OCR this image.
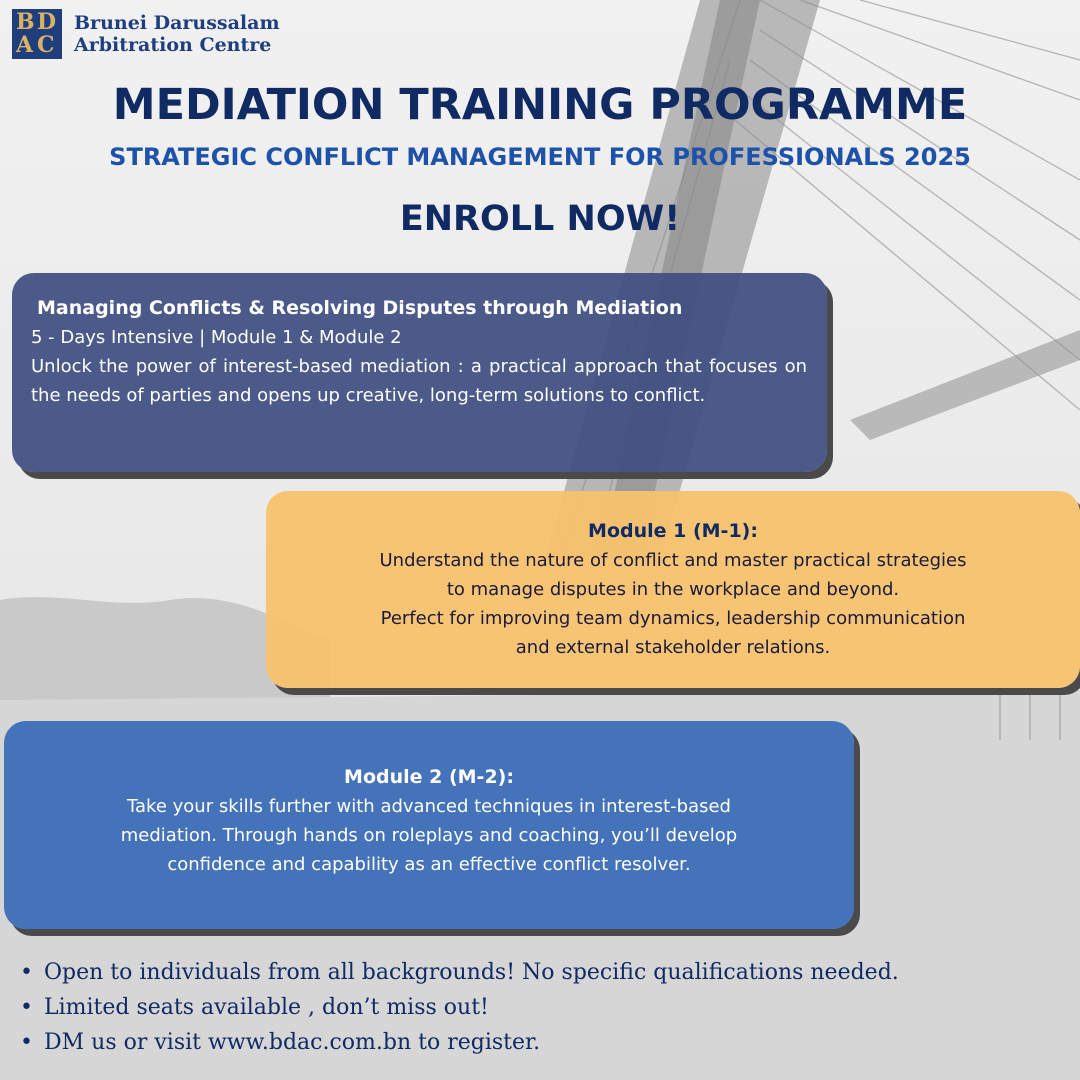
B D
A C
Brunei Darussalam
Arbitration Centre
MEDIATION TRAINING PROGRAMME
STRATEGIC CONFLICT MANAGEMENT FOR PROFESSIONALS 2025
ENROLL NOW!
Managing Conflicts & Resolving Disputes through Mediation
5 - Days Intensive | Module 1 & Module 2
Unlock the power of interest-based mediation : a practical approach that focuses on the needs of parties and opens up creative, long-term solutions to conflict.
Module 1 (M-1):
Understand the nature of conflict and master practical strategies
to manage disputes in the workplace and beyond.
Perfect for improving team dynamics, leadership communication
and external stakeholder relations.
Module 2 (M-2):
Take your skills further with advanced techniques in interest-based
mediation. Through hands on roleplays and coaching, you’ll develop
confidence and capability as an effective conflict resolver.
• Open to individuals from all backgrounds! No specific qualifications needed.
• Limited seats available , don’t miss out!
• DM us or visit www.bdac.com.bn to register.
